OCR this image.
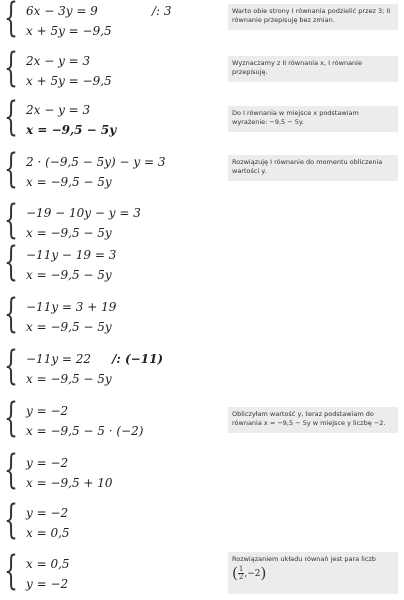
{ 6x − 3y = 9
x + 5y = −9,5
/: 3
{ 2x − y = 3
x + 5y = −9,5
{ 2x − y = 3
x = −9,5 − 5y
{ 2 · (−9,5 − 5y) − y = 3
x = −9,5 − 5y
{ −19 − 10y − y = 3
x = −9,5 − 5y
{ −11y − 19 = 3
x = −9,5 − 5y
{ −11y = 3 + 19
x = −9,5 − 5y
{ −11y = 22
x = −9,5 − 5y
/: (−11)
{ y = −2
x = −9,5 − 5 · (−2)
{ y = −2
x = −9,5 + 10
{ y = −2
x = 0,5
{ x = 0,5
y = −2
Warto obie strony I równania podzielić przez 3; II równanie przepisuję bez zmian.
Wyznaczamy z II równania x, I równanie przepisuję.
Do I równania w miejsce x podstawiam wyrażenie: −9,5 − 5y.
Rozwiązuję I równanie do momentu obliczenia wartości y.
Obliczyłam wartość y, teraz podstawiam do równania x = −9,5 − 5y w miejsce y liczbę −2.
Rozwiązaniem układu równań jest para liczb
$(\frac{1}{2},-2)$
